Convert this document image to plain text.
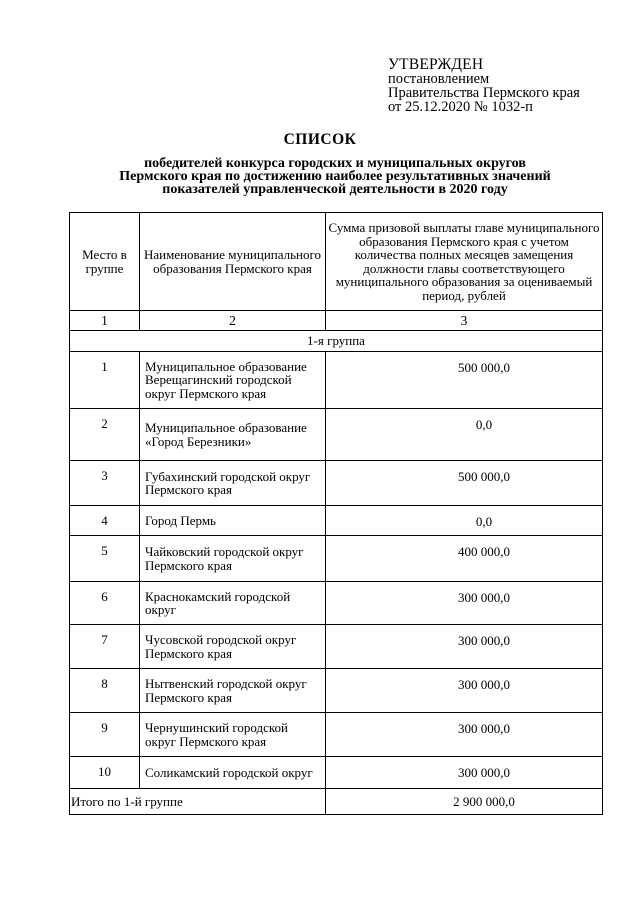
УТВЕРЖДЕН
постановлением
Правительства Пермского края
от 25.12.2020 № 1032-п
СПИСОК
победителей конкурса городских и муниципальных округов
Пермского края по достижению наиболее результативных значений
показателей управленческой деятельности в 2020 году
Место в группе	Наименование муниципального образования Пермского края	Сумма призовой выплаты главе муниципального образования Пермского края с учетом количества полных месяцев замещения должности главы соответствующего муниципального образования за оцениваемый период, рублей
1	2	3
1-я группа		
1	Муниципальное образование Верещагинский городской округ Пермского края	500 000,0
2	Муниципальное образование «Город Березники»	0,0
3	Губахинский городской округ Пермского края	500 000,0
4	Город Пермь	0,0
5	Чайковский городской округ Пермского края	400 000,0
6	Краснокамский городской округ	300 000,0
7	Чусовской городской округ Пермского края	300 000,0
8	Нытвенский городской округ Пермского края	300 000,0
9	Чернушинский городской округ Пермского края	300 000,0
10	Соликамский городской округ	300 000,0
Итого по 1-й группе		2 900 000,0
